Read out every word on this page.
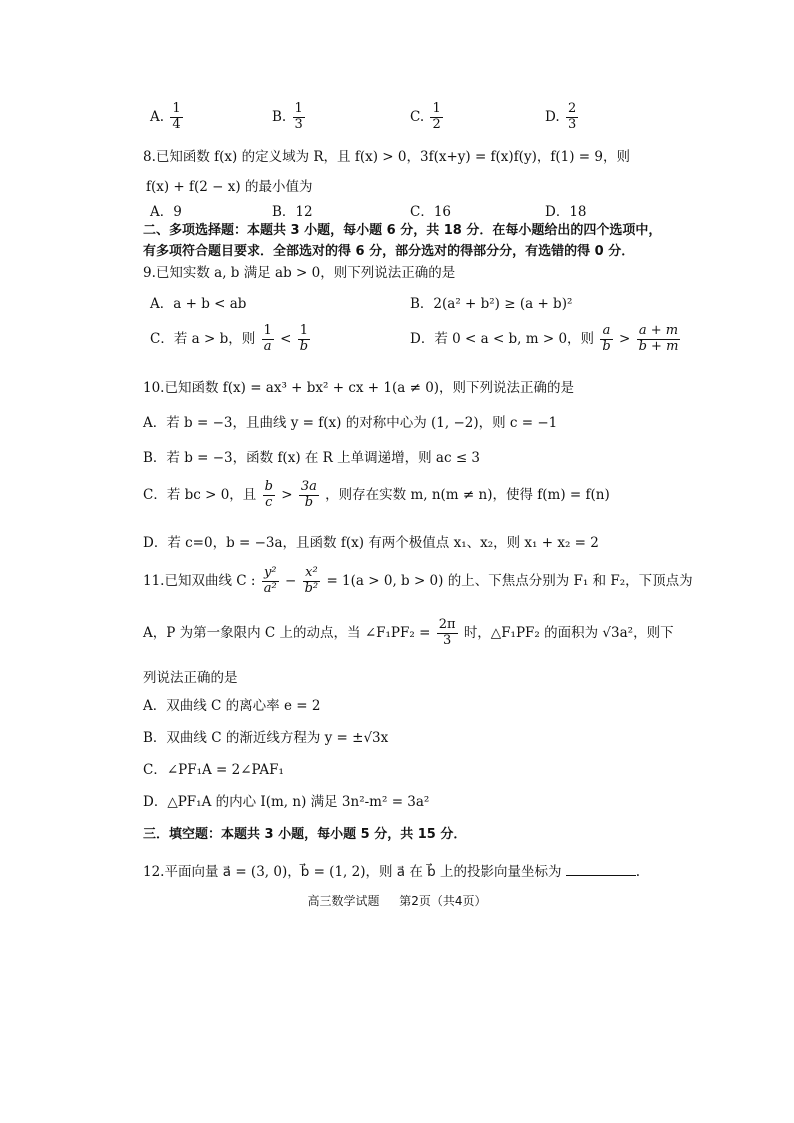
A. $\frac{1}{4}$	B. $\frac{1}{3}$	C. $\frac{1}{2}$	D. $\frac{2}{3}$
8.已知函数 f(x) 的定义域为 R，且 f(x) > 0，3f(x+y) = f(x)f(y)，f(1) = 9，则
f(x) + f(2 − x) 的最小值为
A．9	B．12	C．16	D．18
二、多项选择题：本题共 3 小题，每小题 6 分，共 18 分．在每小题给出的四个选项中，
有多项符合题目要求．全部选对的得 6 分，部分选对的得部分分，有选错的得 0 分．
9.已知实数 a, b 满足 ab > 0，则下列说法正确的是
A．a + b < ab	B．2(a² + b²) ≥ (a + b)²
C．若 a > b，则 $\frac{1}{a} < \frac{1}{b}$	D．若 0 < a < b, m > 0，则 $\frac{a}{b} > \frac{a + m}{b + m}$
10.已知函数 f(x) = ax³ + bx² + cx + 1(a ≠ 0)，则下列说法正确的是
A．若 b = −3，且曲线 y = f(x) 的对称中心为 (1, −2)，则 c = −1
B．若 b = −3，函数 f(x) 在 R 上单调递增，则 ac ≤ 3
C．若 bc > 0，且 $\frac{b}{c} > \frac{3a}{b}$ ，则存在实数 m, n(m ≠ n)，使得 f(m) = f(n)
D．若 c=0，b = −3a，且函数 f(x) 有两个极值点 x₁、x₂，则 x₁ + x₂ = 2
11.已知双曲线 C : $\frac{\text{y²}}{\text{a²}} - \frac{\text{x²}}{\text{b²}} = 1(a > 0$, b > 0) 的上、下焦点分别为 F₁ 和 F₂，下顶点为
A，P 为第一象限内 C 上的动点，当 ∠F₁PF₂ = $\frac{2\pi}{3}$ 时，△F₁PF₂ 的面积为 √3a²，则下
列说法正确的是
A．双曲线 C 的离心率 e = 2
B．双曲线 C 的渐近线方程为 y = ±√3x
C．∠PF₁A = 2∠PAF₁
D．△PF₁A 的内心 I(m, n) 满足 3n²-m² = 3a²
三．填空题：本题共 3 小题，每小题 5 分，共 15 分．
12.平面向量 a⃗ = (3, 0)，b⃗ = (1, 2)，则 a⃗ 在 b⃗ 上的投影向量坐标为	.
高三数学试题 第2页（共4页）
